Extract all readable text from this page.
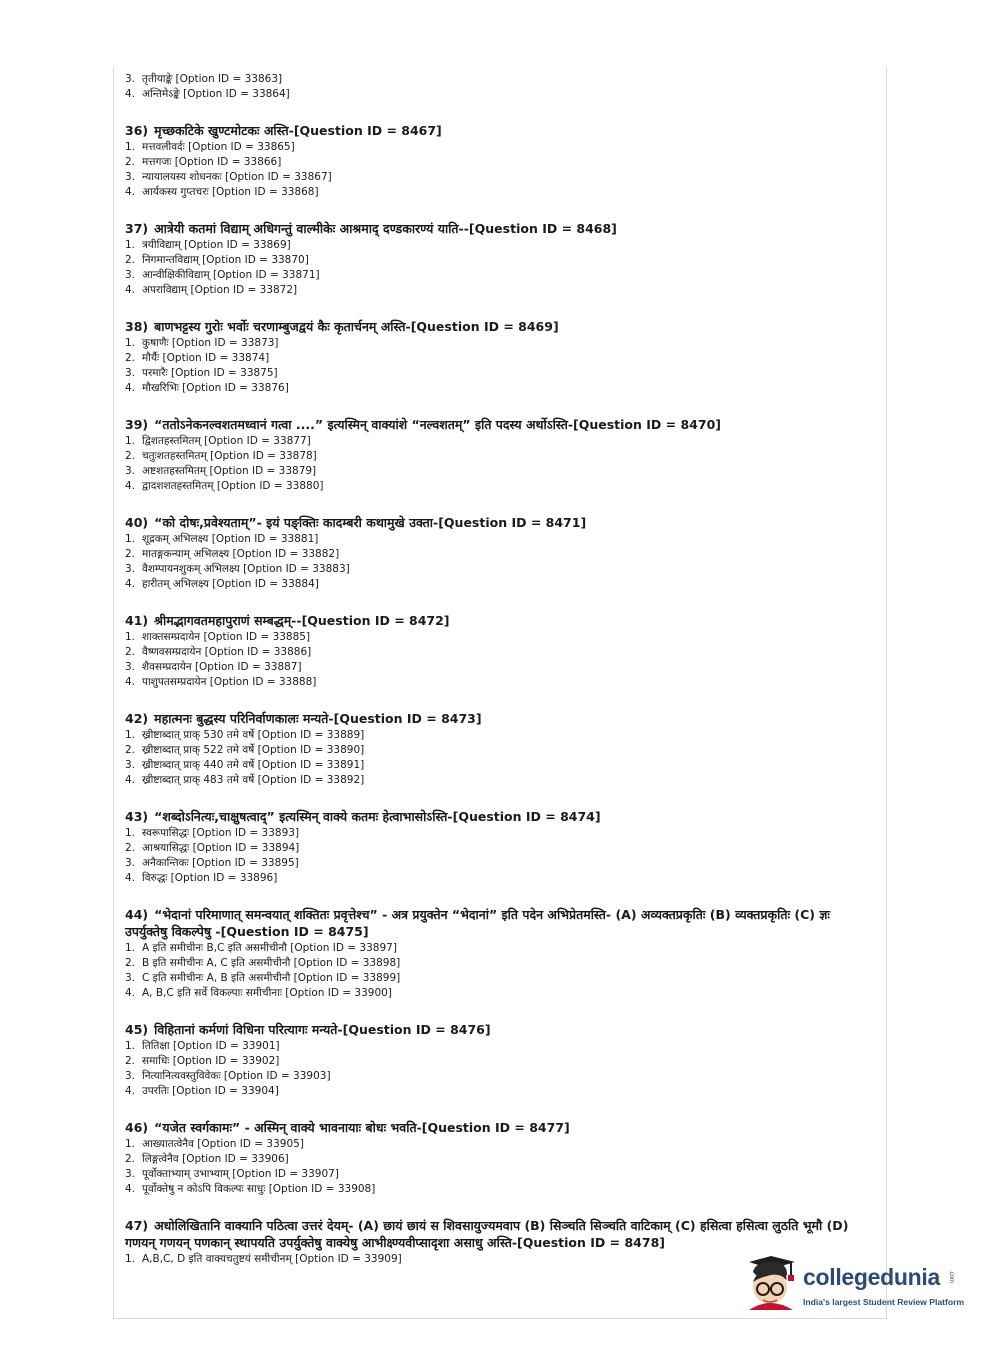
3. तृतीयाङ्के [Option ID = 33863]
4. अन्तिमेऽङ्के [Option ID = 33864]
36) मृच्छकटिके खुण्टमोटकः अस्ति-[Question ID = 8467]
1. मत्तवलीवर्दः [Option ID = 33865]
2. मत्तगजः [Option ID = 33866]
3. न्यायालयस्य शोधनकः [Option ID = 33867]
4. आर्यकस्य गुप्तचरः [Option ID = 33868]
37) आत्रेयी कतमां विद्याम् अधिगन्तुं वाल्मीकेः आश्रमाद् दण्डकारण्यं याति--[Question ID = 8468]
1. त्रयीविद्याम् [Option ID = 33869]
2. निगमान्तविद्याम् [Option ID = 33870]
3. आन्वीक्षिकीविद्याम् [Option ID = 33871]
4. अपराविद्याम् [Option ID = 33872]
38) बाणभट्टस्य गुरोः भर्वोः चरणाम्बुजद्वयं कैः कृतार्चनम् अस्ति-[Question ID = 8469]
1. कुषाणैः [Option ID = 33873]
2. मौर्यैः [Option ID = 33874]
3. परमारैः [Option ID = 33875]
4. मौखरिभिः [Option ID = 33876]
39) “ततोऽनेकनल्वशतमध्वानं गत्वा ....” इत्यस्मिन् वाक्यांशे “नल्वशतम्” इति पदस्य अर्थोऽस्ति-[Question ID = 8470]
1. द्विशतहस्तमितम् [Option ID = 33877]
2. चतुःशतहस्तमितम् [Option ID = 33878]
3. अष्टशतहस्तमितम् [Option ID = 33879]
4. द्वादशशतहस्तमितम् [Option ID = 33880]
40) “को दोषः,प्रवेश्यताम्”- इयं पङ्क्तिः कादम्बरी कथामुखे उक्ता-[Question ID = 8471]
1. शूद्रकम् अभिलक्ष्य [Option ID = 33881]
2. मातङ्गकन्याम् अभिलक्ष्य [Option ID = 33882]
3. वैशम्पायनशुकम् अभिलक्ष्य [Option ID = 33883]
4. हारीतम् अभिलक्ष्य [Option ID = 33884]
41) श्रीमद्भागवतमहापुराणं सम्बद्धम्--[Question ID = 8472]
1. शाक्तसम्प्रदायेन [Option ID = 33885]
2. वैष्णवसम्प्रदायेन [Option ID = 33886]
3. शैवसम्प्रदायेन [Option ID = 33887]
4. पाशुपतसम्प्रदायेन [Option ID = 33888]
42) महात्मनः बुद्धस्य परिनिर्वाणकालः मन्यते-[Question ID = 8473]
1. ख्रीष्टाब्दात् प्राक् 530 तमे वर्षे [Option ID = 33889]
2. ख्रीष्टाब्दात् प्राक् 522 तमे वर्षे [Option ID = 33890]
3. ख्रीष्टाब्दात् प्राक् 440 तमे वर्षे [Option ID = 33891]
4. ख्रीष्टाब्दात् प्राक् 483 तमे वर्षे [Option ID = 33892]
43) “शब्दोऽनित्यः,चाक्षुषत्वाद्” इत्यस्मिन् वाक्ये कतमः हेत्वाभासोऽस्ति-[Question ID = 8474]
1. स्वरूपासिद्धः [Option ID = 33893]
2. आश्रयासिद्धः [Option ID = 33894]
3. अनैकान्तिकः [Option ID = 33895]
4. विरुद्धः [Option ID = 33896]
44) “भेदानां परिमाणात् समन्वयात् शक्तितः प्रवृत्तेश्च” - अत्र प्रयुक्तेन “भेदानां” इति पदेन अभिप्रेतमस्ति- (A) अव्यक्तप्रकृतिः (B) व्यक्तप्रकृतिः (C) ज्ञः उपर्युक्तेषु विकल्पेषु -[Question ID = 8475]
1. A इति समीचीनः B,C इति असमीचीनौ [Option ID = 33897]
2. B इति समीचीनः A, C इति असमीचीनौ [Option ID = 33898]
3. C इति समीचीनः A, B इति असमीचीनौ [Option ID = 33899]
4. A, B,C इति सर्वे विकल्पाः समीचीनाः [Option ID = 33900]
45) विहितानां कर्मणां विधिना परित्यागः मन्यते-[Question ID = 8476]
1. तितिक्षा [Option ID = 33901]
2. समाधिः [Option ID = 33902]
3. नित्यानित्यवस्तुविवेकः [Option ID = 33903]
4. उपरतिः [Option ID = 33904]
46) “यजेत स्वर्गकामः” - अस्मिन् वाक्ये भावनायाः बोधः भवति-[Question ID = 8477]
1. आख्यातत्वेनैव [Option ID = 33905]
2. लिङ्गत्वेनैव [Option ID = 33906]
3. पूर्वोक्ताभ्याम् उभाभ्याम् [Option ID = 33907]
4. पूर्वोक्तेषु न कोऽपि विकल्पः साधुः [Option ID = 33908]
47) अधोलिखितानि वाक्यानि पठित्वा उत्तरं देयम्- (A) छायं छायं स शिवसायुज्यमवाप (B) सिञ्चति सिञ्चति वाटिकाम् (C) हसित्वा हसित्वा लुठति भूमौ (D) गणयन् गणयन् पणकान् स्थापयति उपर्युक्तेषु वाक्येषु आभीक्ष्ण्यवीप्सादृशा असाधु अस्ति-[Question ID = 8478]
1. A,B,C, D इति वाक्यचतुष्टयं समीचीनम् [Option ID = 33909]
collegedunia .com
India's largest Student Review Platform
